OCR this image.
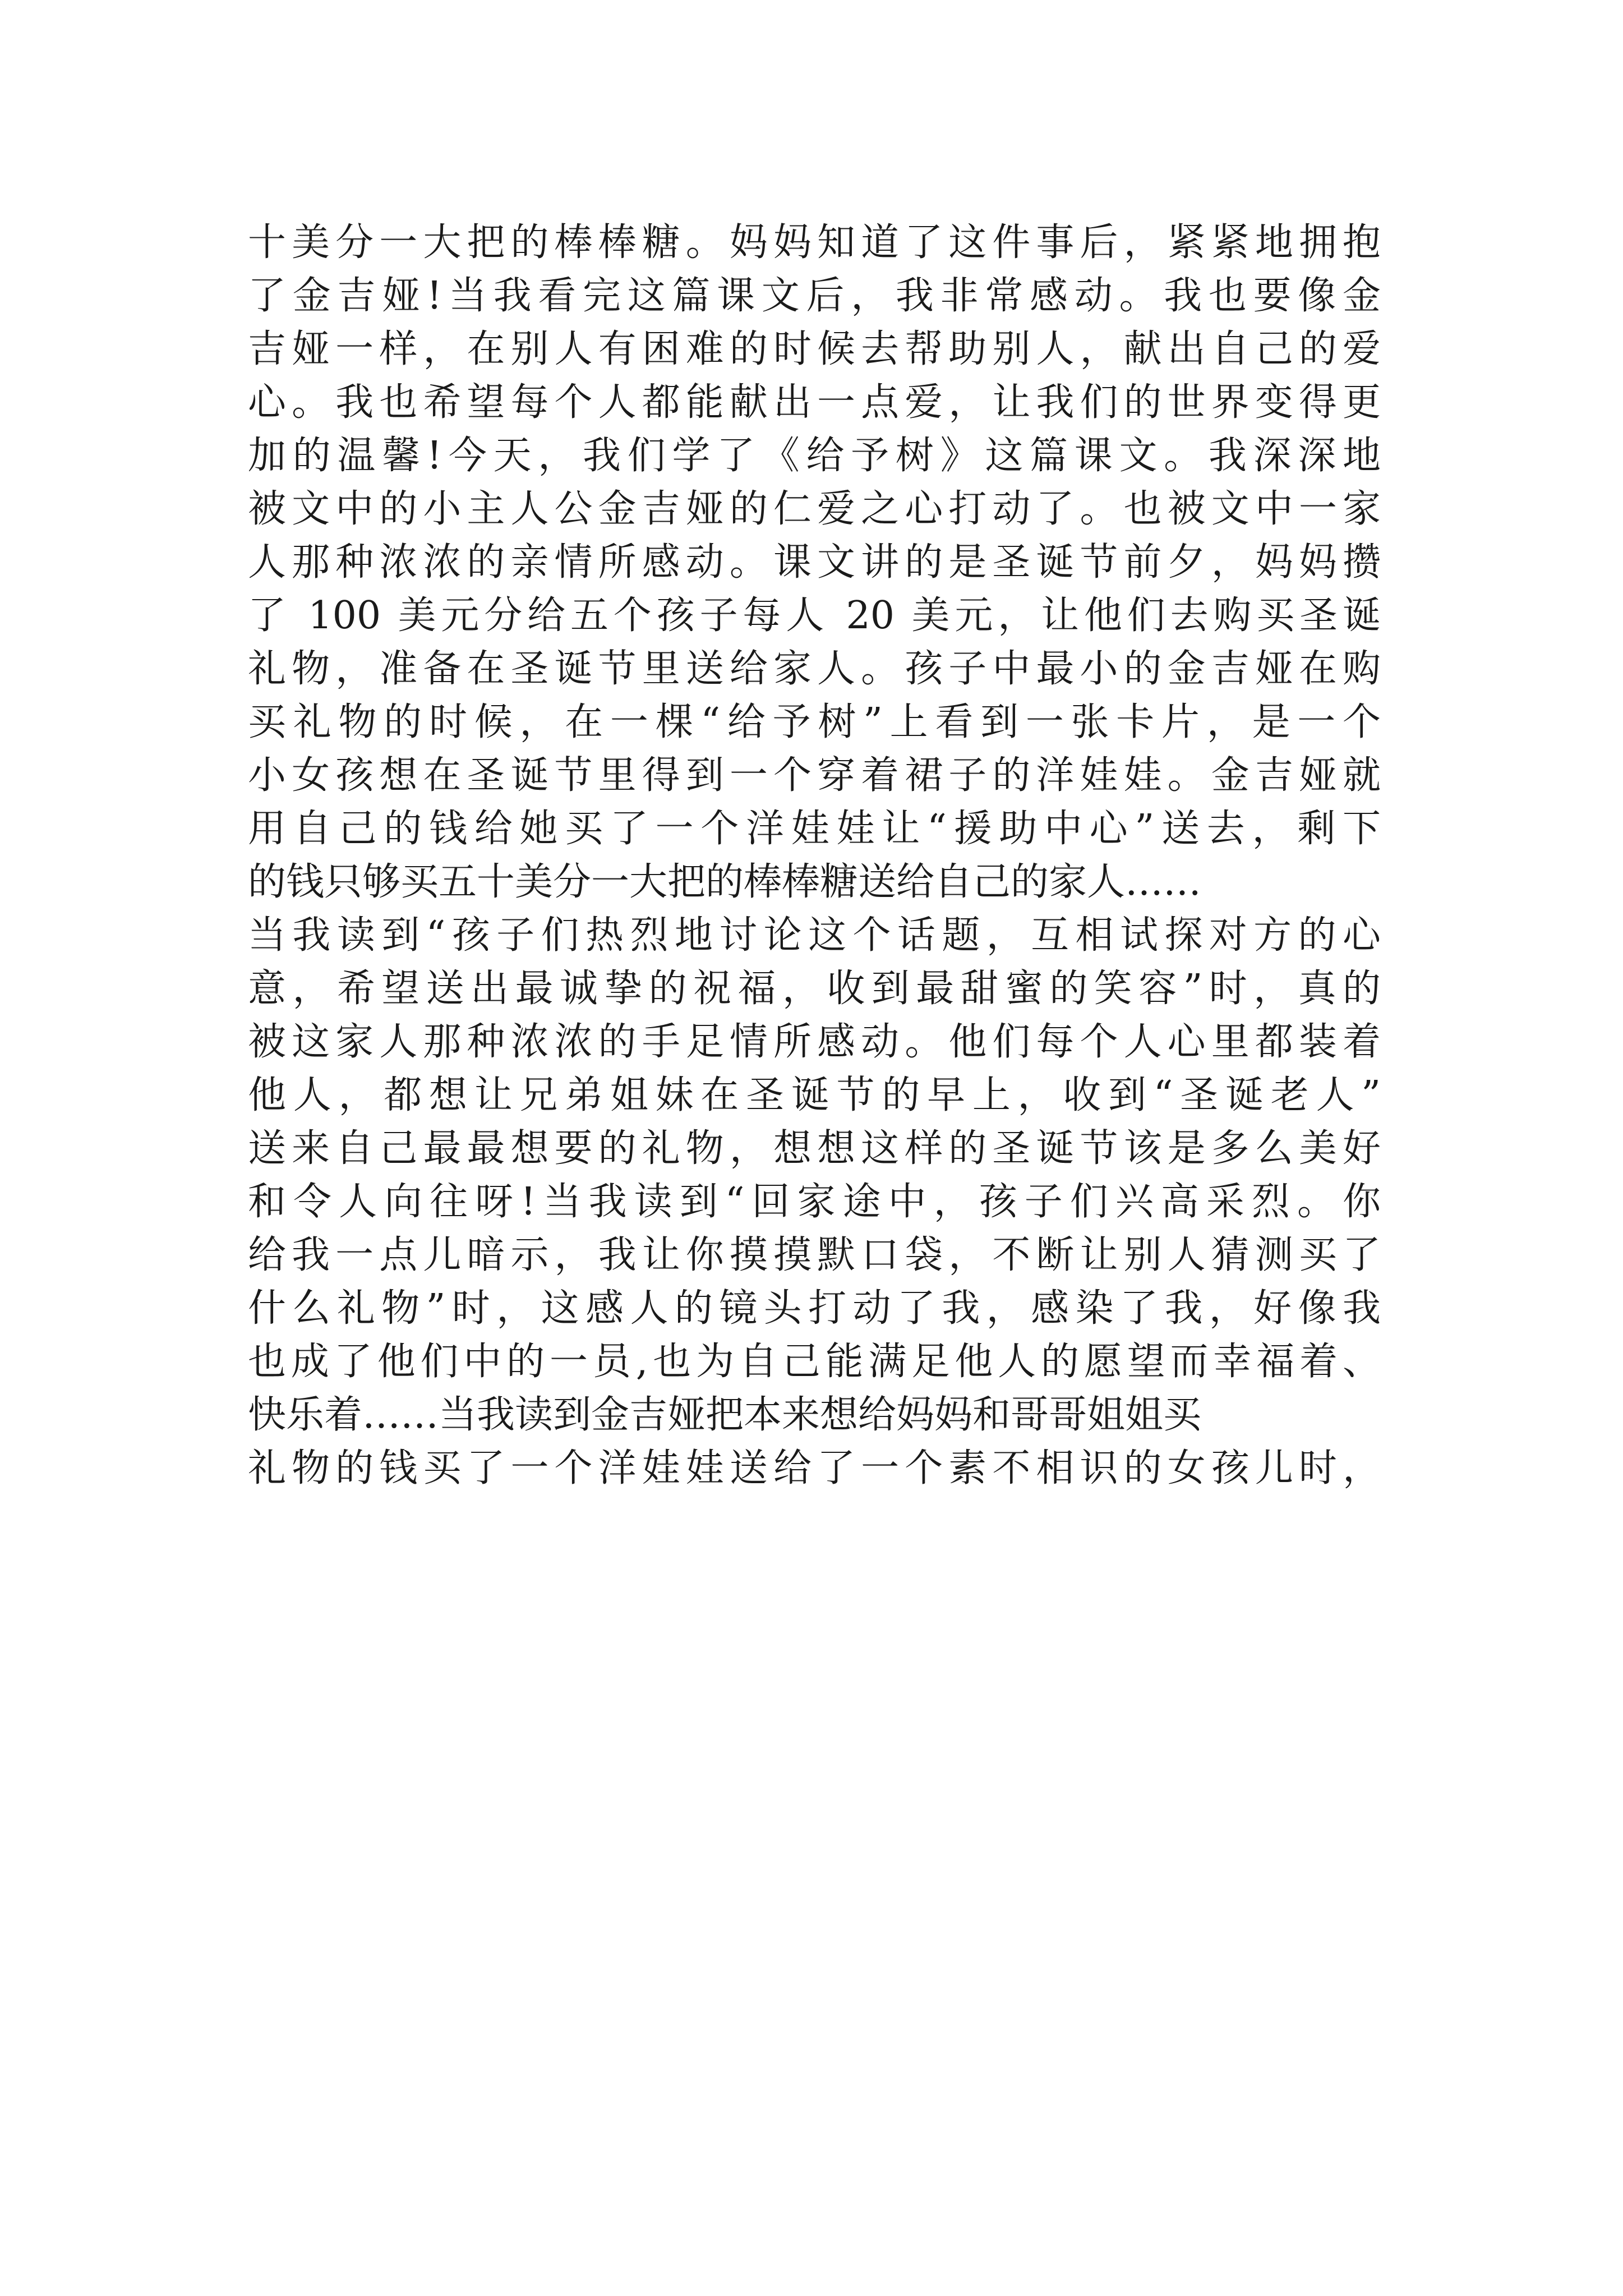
十美分一大把的棒棒糖。妈妈知道了这件事后，紧紧地拥抱
了金吉娅!当我看完这篇课文后，我非常感动。我也要像金
吉娅一样，在别人有困难的时候去帮助别人，献出自己的爱
心。我也希望每个人都能献出一点爱，让我们的世界变得更
加的温馨!今天，我们学了《给予树》这篇课文。我深深地
被文中的小主人公金吉娅的仁爱之心打动了。也被文中一家
人那种浓浓的亲情所感动。课文讲的是圣诞节前夕，妈妈攒
了 100 美元分给五个孩子每人 20 美元，让他们去购买圣诞
礼物，准备在圣诞节里送给家人。孩子中最小的金吉娅在购
买礼物的时候，在一棵“给予树”上看到一张卡片，是一个
小女孩想在圣诞节里得到一个穿着裙子的洋娃娃。金吉娅就
用自己的钱给她买了一个洋娃娃让“援助中心”送去，剩下
的钱只够买五十美分一大把的棒棒糖送给自己的家人……
当我读到“孩子们热烈地讨论这个话题，互相试探对方的心
意，希望送出最诚挚的祝福，收到最甜蜜的笑容”时，真的
被这家人那种浓浓的手足情所感动。他们每个人心里都装着
他人，都想让兄弟姐妹在圣诞节的早上，收到“圣诞老人”
送来自己最最想要的礼物，想想这样的圣诞节该是多么美好
和令人向往呀!当我读到“回家途中，孩子们兴高采烈。你
给我一点儿暗示，我让你摸摸默口袋，不断让别人猜测买了
什么礼物”时，这感人的镜头打动了我，感染了我，好像我
也成了他们中的一员,也为自己能满足他人的愿望而幸福着、
快乐着……当我读到金吉娅把本来想给妈妈和哥哥姐姐买
礼物的钱买了一个洋娃娃送给了一个素不相识的女孩儿时，
